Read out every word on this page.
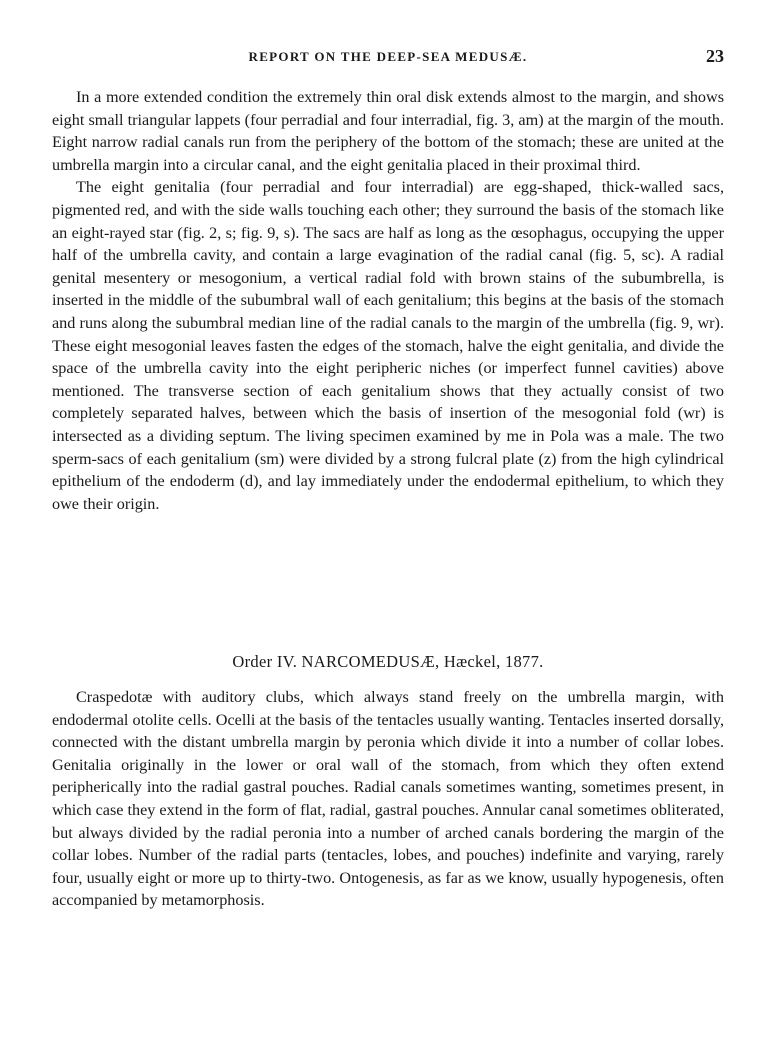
REPORT ON THE DEEP-SEA MEDUSÆ.	23

In a more extended condition the extremely thin oral disk extends almost to the margin, and shows eight small triangular lappets (four perradial and four interradial, fig. 3, am) at the margin of the mouth. Eight narrow radial canals run from the periphery of the bottom of the stomach; these are united at the umbrella margin into a circular canal, and the eight genitalia placed in their proximal third.

The eight genitalia (four perradial and four interradial) are egg-shaped, thick-walled sacs, pigmented red, and with the side walls touching each other; they surround the basis of the stomach like an eight-rayed star (fig. 2, s; fig. 9, s). The sacs are half as long as the œsophagus, occupying the upper half of the umbrella cavity, and contain a large evagination of the radial canal (fig. 5, sc). A radial genital mesentery or mesogonium, a vertical radial fold with brown stains of the subumbrella, is inserted in the middle of the subumbral wall of each genitalium; this begins at the basis of the stomach and runs along the subumbral median line of the radial canals to the margin of the umbrella (fig. 9, wr). These eight mesogonial leaves fasten the edges of the stomach, halve the eight genitalia, and divide the space of the umbrella cavity into the eight peripheric niches (or imperfect funnel cavities) above mentioned. The transverse section of each genitalium shows that they actually consist of two completely separated halves, between which the basis of insertion of the mesogonial fold (wr) is intersected as a dividing septum. The living specimen examined by me in Pola was a male. The two sperm-sacs of each genitalium (sm) were divided by a strong fulcral plate (z) from the high cylindrical epithelium of the endoderm (d), and lay immediately under the endodermal epithelium, to which they owe their origin.

Order IV. NARCOMEDUSÆ, Hæckel, 1877.

Craspedotæ with auditory clubs, which always stand freely on the umbrella margin, with endodermal otolite cells. Ocelli at the basis of the tentacles usually wanting. Tentacles inserted dorsally, connected with the distant umbrella margin by peronia which divide it into a number of collar lobes. Genitalia originally in the lower or oral wall of the stomach, from which they often extend peripherically into the radial gastral pouches. Radial canals sometimes wanting, sometimes present, in which case they extend in the form of flat, radial, gastral pouches. Annular canal sometimes obliterated, but always divided by the radial peronia into a number of arched canals bordering the margin of the collar lobes. Number of the radial parts (tentacles, lobes, and pouches) indefinite and varying, rarely four, usually eight or more up to thirty-two. Ontogenesis, as far as we know, usually hypogenesis, often accompanied by metamorphosis.
